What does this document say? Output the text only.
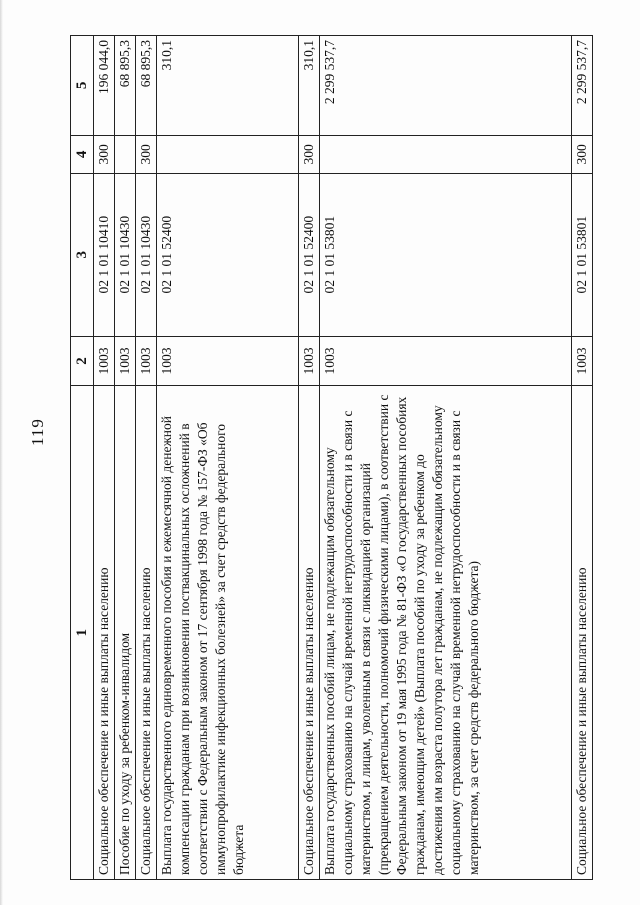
119
1	2	3	4	5
Социальное обеспечение и иные выплаты населению	1003	02 1 01 10410	300	196 044,0
Пособие по уходу за ребенком-инвалидом	1003	02 1 01 10430		68 895,3
Социальное обеспечение и иные выплаты населению	1003	02 1 01 10430	300	68 895,3
Выплата государственного единовременного пособия и ежемесячной денежной компенсации гражданам при возникновении поствакцинальных осложнений в соответствии с Федеральным законом от 17 сентября 1998 года № 157-ФЗ «Об иммунопрофилактике инфекционных болезней» за счет средств федерального бюджета	1003	02 1 01 52400		310,1
Социальное обеспечение и иные выплаты населению	1003	02 1 01 52400	300	310,1
Выплата государственных пособий лицам, не подлежащим обязательному социальному страхованию на случай временной нетрудоспособности и в связи с материнством, и лицам, уволенным в связи с ликвидацией организаций (прекращением деятельности, полномочий физическими лицами), в соответствии с Федеральным законом от 19 мая 1995 года № 81-ФЗ «О государственных пособиях гражданам, имеющим детей» (Выплата пособий по уходу за ребенком до достижения им возраста полутора лет гражданам, не подлежащим обязательному социальному страхованию на случай временной нетрудоспособности и в связи с материнством, за счет средств федерального бюджета)	1003	02 1 01 53801		2 299 537,7
Социальное обеспечение и иные выплаты населению	1003	02 1 01 53801	300	2 299 537,7
